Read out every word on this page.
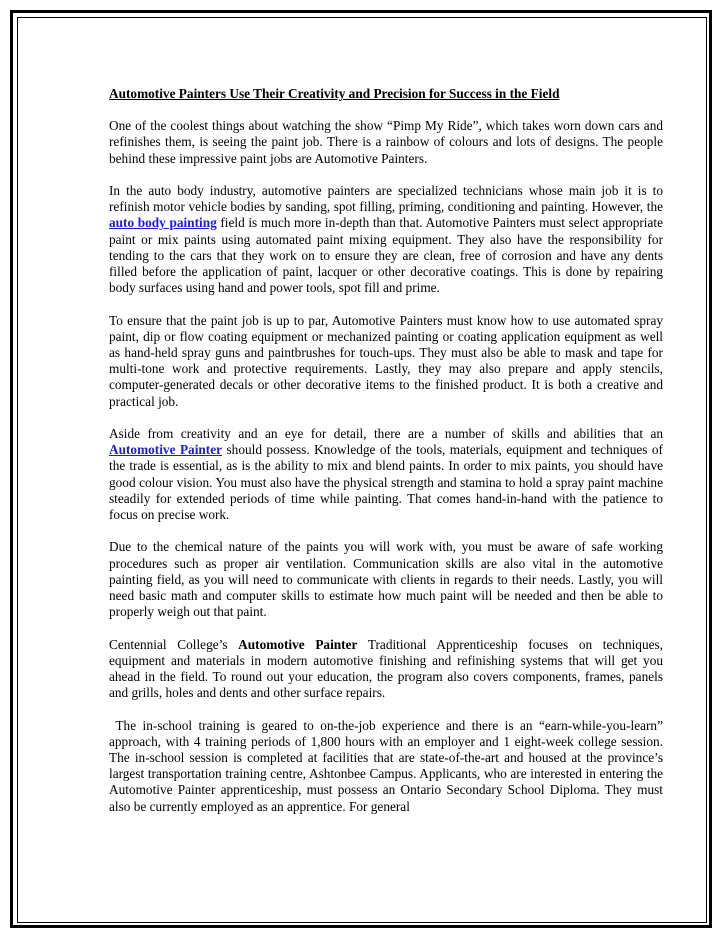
Automotive Painters Use Their Creativity and Precision for Success in the Field

One of the coolest things about watching the show “Pimp My Ride”, which takes worn down cars and refinishes them, is seeing the paint job. There is a rainbow of colours and lots of designs. The people behind these impressive paint jobs are Automotive Painters.

In the auto body industry, automotive painters are specialized technicians whose main job it is to refinish motor vehicle bodies by sanding, spot filling, priming, conditioning and painting. However, the auto body painting field is much more in-depth than that. Automotive Painters must select appropriate paint or mix paints using automated paint mixing equipment. They also have the responsibility for tending to the cars that they work on to ensure they are clean, free of corrosion and have any dents filled before the application of paint, lacquer or other decorative coatings. This is done by repairing body surfaces using hand and power tools, spot fill and prime.

To ensure that the paint job is up to par, Automotive Painters must know how to use automated spray paint, dip or flow coating equipment or mechanized painting or coating application equipment as well as hand-held spray guns and paintbrushes for touch-ups. They must also be able to mask and tape for multi-tone work and protective requirements. Lastly, they may also prepare and apply stencils, computer-generated decals or other decorative items to the finished product. It is both a creative and practical job.

Aside from creativity and an eye for detail, there are a number of skills and abilities that an Automotive Painter should possess. Knowledge of the tools, materials, equipment and techniques of the trade is essential, as is the ability to mix and blend paints. In order to mix paints, you should have good colour vision. You must also have the physical strength and stamina to hold a spray paint machine steadily for extended periods of time while painting. That comes hand-in-hand with the patience to focus on precise work.

Due to the chemical nature of the paints you will work with, you must be aware of safe working procedures such as proper air ventilation. Communication skills are also vital in the automotive painting field, as you will need to communicate with clients in regards to their needs. Lastly, you will need basic math and computer skills to estimate how much paint will be needed and then be able to properly weigh out that paint.

Centennial College’s Automotive Painter Traditional Apprenticeship focuses on techniques, equipment and materials in modern automotive finishing and refinishing systems that will get you ahead in the field. To round out your education, the program also covers components, frames, panels and grills, holes and dents and other surface repairs.

The in-school training is geared to on-the-job experience and there is an “earn-while-you-learn” approach, with 4 training periods of 1,800 hours with an employer and 1 eight-week college session. The in-school session is completed at facilities that are state-of-the-art and housed at the province’s largest transportation training centre, Ashtonbee Campus. Applicants, who are interested in entering the Automotive Painter apprenticeship, must possess an Ontario Secondary School Diploma. They must also be currently employed as an apprentice. For general
